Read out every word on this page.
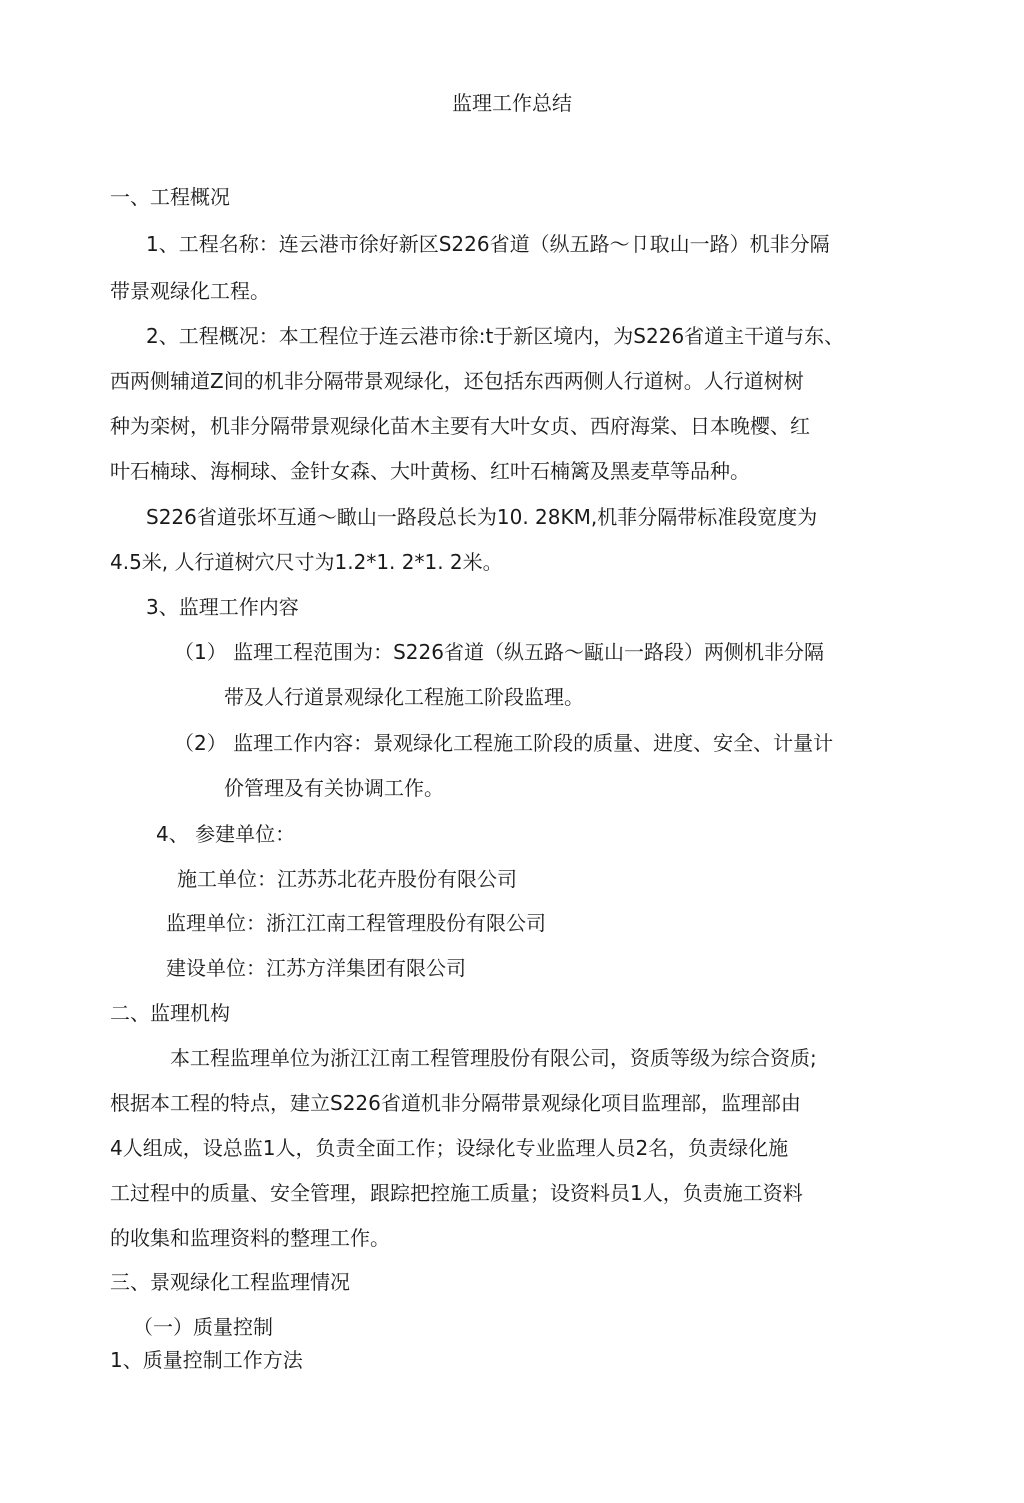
监理工作总结
一、工程概况
1、工程名称：连云港市徐好新区S226省道（纵五路〜卩取山一路）机非分隔
带景观绿化工程。
2、工程概况：本工程位于连云港市徐:t于新区境内，为S226省道主干道与东、
西两侧辅道Z间的机非分隔带景观绿化，还包括东西两侧人行道树。人行道树树
种为栾树，机非分隔带景观绿化苗木主要有大叶女贞、西府海棠、日本晚樱、红
叶石楠球、海桐球、金针女森、大叶黄杨、红叶石楠篱及黑麦草等品种。
S226省道张坏互通〜瞰山一路段总长为10. 28KM,机菲分隔带标准段宽度为
4.5米, 人行道树穴尺寸为1.2*1. 2*1. 2米。
3、监理工作内容
（1） 监理工程范围为：S226省道（纵五路〜甌山一路段）两侧机非分隔
带及人行道景观绿化工程施工阶段监理。
（2） 监理工作内容：景观绿化工程施工阶段的质量、进度、安全、计量计
价管理及有关协调工作。
4、 参建单位：
施工单位：江苏苏北花卉股份有限公司
监理单位：浙江江南工程管理股份有限公司
建设单位：江苏方洋集团有限公司
二、监理机构
本工程监理单位为浙江江南工程管理股份有限公司，资质等级为综合资质;
根据本工程的特点，建立S226省道机非分隔带景观绿化项目监理部，监理部由
4人组成，设总监1人，负责全面工作；设绿化专业监理人员2名，负责绿化施
工过程中的质量、安全管理，跟踪把控施工质量；设资料员1人，负责施工资料
的收集和监理资料的整理工作。
三、景观绿化工程监理情况
（一）质量控制
1、质量控制工作方法
